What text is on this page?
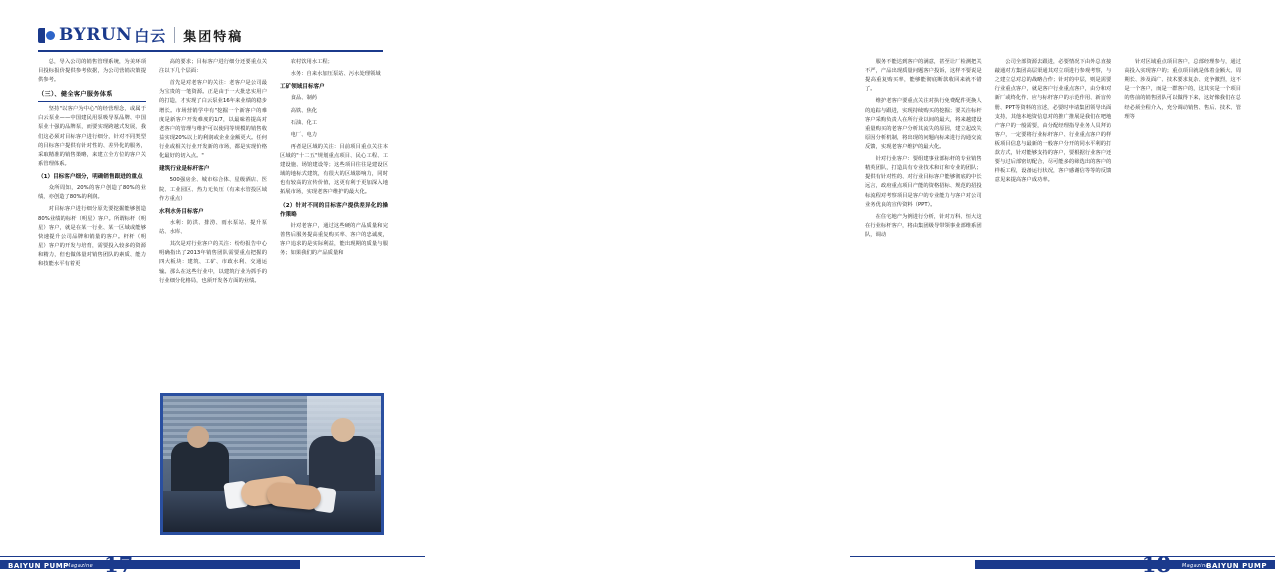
BYRUN 白云 集团特稿

总，导入公司的销售管理系统，为美环项目投标报价提供参考依据，为公司营销决策提供参考。

（三）、健全客户服务体系

坚持"以客户为中心"的经营理念，或属于白云泵业——中国建民用泵吸导泵品牌、中国泵业十强的品牌泵，而要实现跨越式发展，我们这必须对目标客户进行细分，针对不同类型的目标客户提供有针对性的、差异化的服务，采取精准的销售策略，来建立全方位的客户关系管理体系。

（1）目标客户细分，明确销售跟进的重点

众所周知，20%的客户创造了80%的业绩，亦创造了80%的利润。

对目标客户进行细分原先要挖掘能够创造80%业绩的标杆（明星）客户。所谓标杆（明星）客户，就是在某一行业、某一区域或能够快速提升公司品牌和销量的客户。杆杆（明星）客户的开发与培育，需要投入较多的资源和精力，但也做体量对销售团队的素质、能力和技能水平有着更

高的要求；目标客户进行细分还要重点关注以下几个层面：

首先是对老客户的关注：老客户是公司最为宝贵的一笔资源。正是由于一大批忠实用户的打造，才实现了白云泵业16年来业绩的稳步增长。市场营销学中有"挖掘一个新客户的难度是新客户开发难度的1/7，以最味着提高对老客户的管理与维护可以使同等规模的销售收益实现20%以上的利润或企业金额更大。任何行业或相关行业开发新的市场，都是实现价格化最好的切入点。"

建筑行业是标杆客户

500强房企、城市综合体、星级酒店、医院、工业园区、热力无负压（有来水管投区域作方重点）

水利水务目标客户

水利：防洪、排涝、雨水泵站、提升泵站、水库、

其次是对行业客户的关注：纷纷报告中心明确指出了2013年销售团队需要重点把握的四大板块：建筑、工矿、市政水利、交通运输。那么在这些行业中，以建筑行业为抓手的行业细分化格局，也须开发各方面的业绩。

农村饮用水工程；

水务：自来水加压泵站、污水处理领域

工矿领域目标客户

食品、制药

高铁、焦化

石油、化工

电厂、电力

再者是区域的关注：目前项目重点关注本区域的"十二五"规划重点项目、民心工程、工建设施、场馆建设等；这些项目往往是建设区域的地标式建筑，有很大的区域影响力，同时也有较高的宣传价值，这更有利于更加深入地拓展市场，实现老客户维护的最大化。

（2）针对不同的目标客户提供差异化的操作策略

针对老客户，通过这些硬的产品质量和完善售后服务提高重复购买率、客户的忠诚度，客户追求的是实际利益，能出现期的质量与服务；如果我们的产品质量和

BAIYUN PUMP
Magazine 17

服务不能达到客户的满意，甚至让厂检测把关不严，产品出现质量问题客户投诉，这样不要说是提高重复购买率，能够能彻底断款收回来就不错了。

维护老客户要重点关注对执行免费配件更换人的追踪与跟进，实现持续购买的挖掘；要关注标杆客户采购负责人在所行业以间的最大，将来越建设重量购买的老客户分析其流失的原因，建立起改失原因分析机制，将出现的问题向标来进行沟通交流反馈，实现老客户维护的最大化。

针对行业客户：要组建事业部标杆的专业销售精英团队，打造具有专业技术和订和专业的团队；提供有针对性的、对行业目标客户能够彻底的中长远言，政府重点项目产能的资格招标、规范的招投标流程对考察项目是客户的专业能力与客户对公司业务优良的宣传资料（PPT）。

在住宅地产为例进行分析，针对万科、恒大这在行业标杆客户，将由集团级导带领事业部维系团队，调动

公司全部资源去跟进，必要情况下由外总直接敲通对方集团高层渠通其对立项进行参观考察，与之建立总对总的战略合作；针对的中层，则是需要行业重点客户，就是客户行业重点客户，由分和对新厂或终化作、应与标杆客户的示范作用、新盲传册、PPT等资料的宣述，必要时申请集团领导出面支持，其他本地资信息对的推广推展是我们在吧地产客户的一般需要，由分配经理指导业务人员拜访客户，一定要将行业标杆客户、行业重点客户的样板项目信息与最新的一般客户分开的同水平利的打款方式，针对能够支持的客户，要根据行业客户还要与过后部密切配合，尽可能多的筛选出的客户的样板工程，设备运行状况，客户感谢信等等的反馈意见来提高客户成功率。

针对区域重点项目客户，总部经理参与，通过高投入实现客户的；重点项目就是体着金额大、周期长、涉及面广、技术要求复杂、竞争激烈，这不是一个客户，而是一群客户的，这其实是一个项目的售前的销售团队可以做得下来，这好像我们在总经必须全程介入，充分调动销售、售后、技术、管理等

BAIYUN PUMP
Magazine
18
